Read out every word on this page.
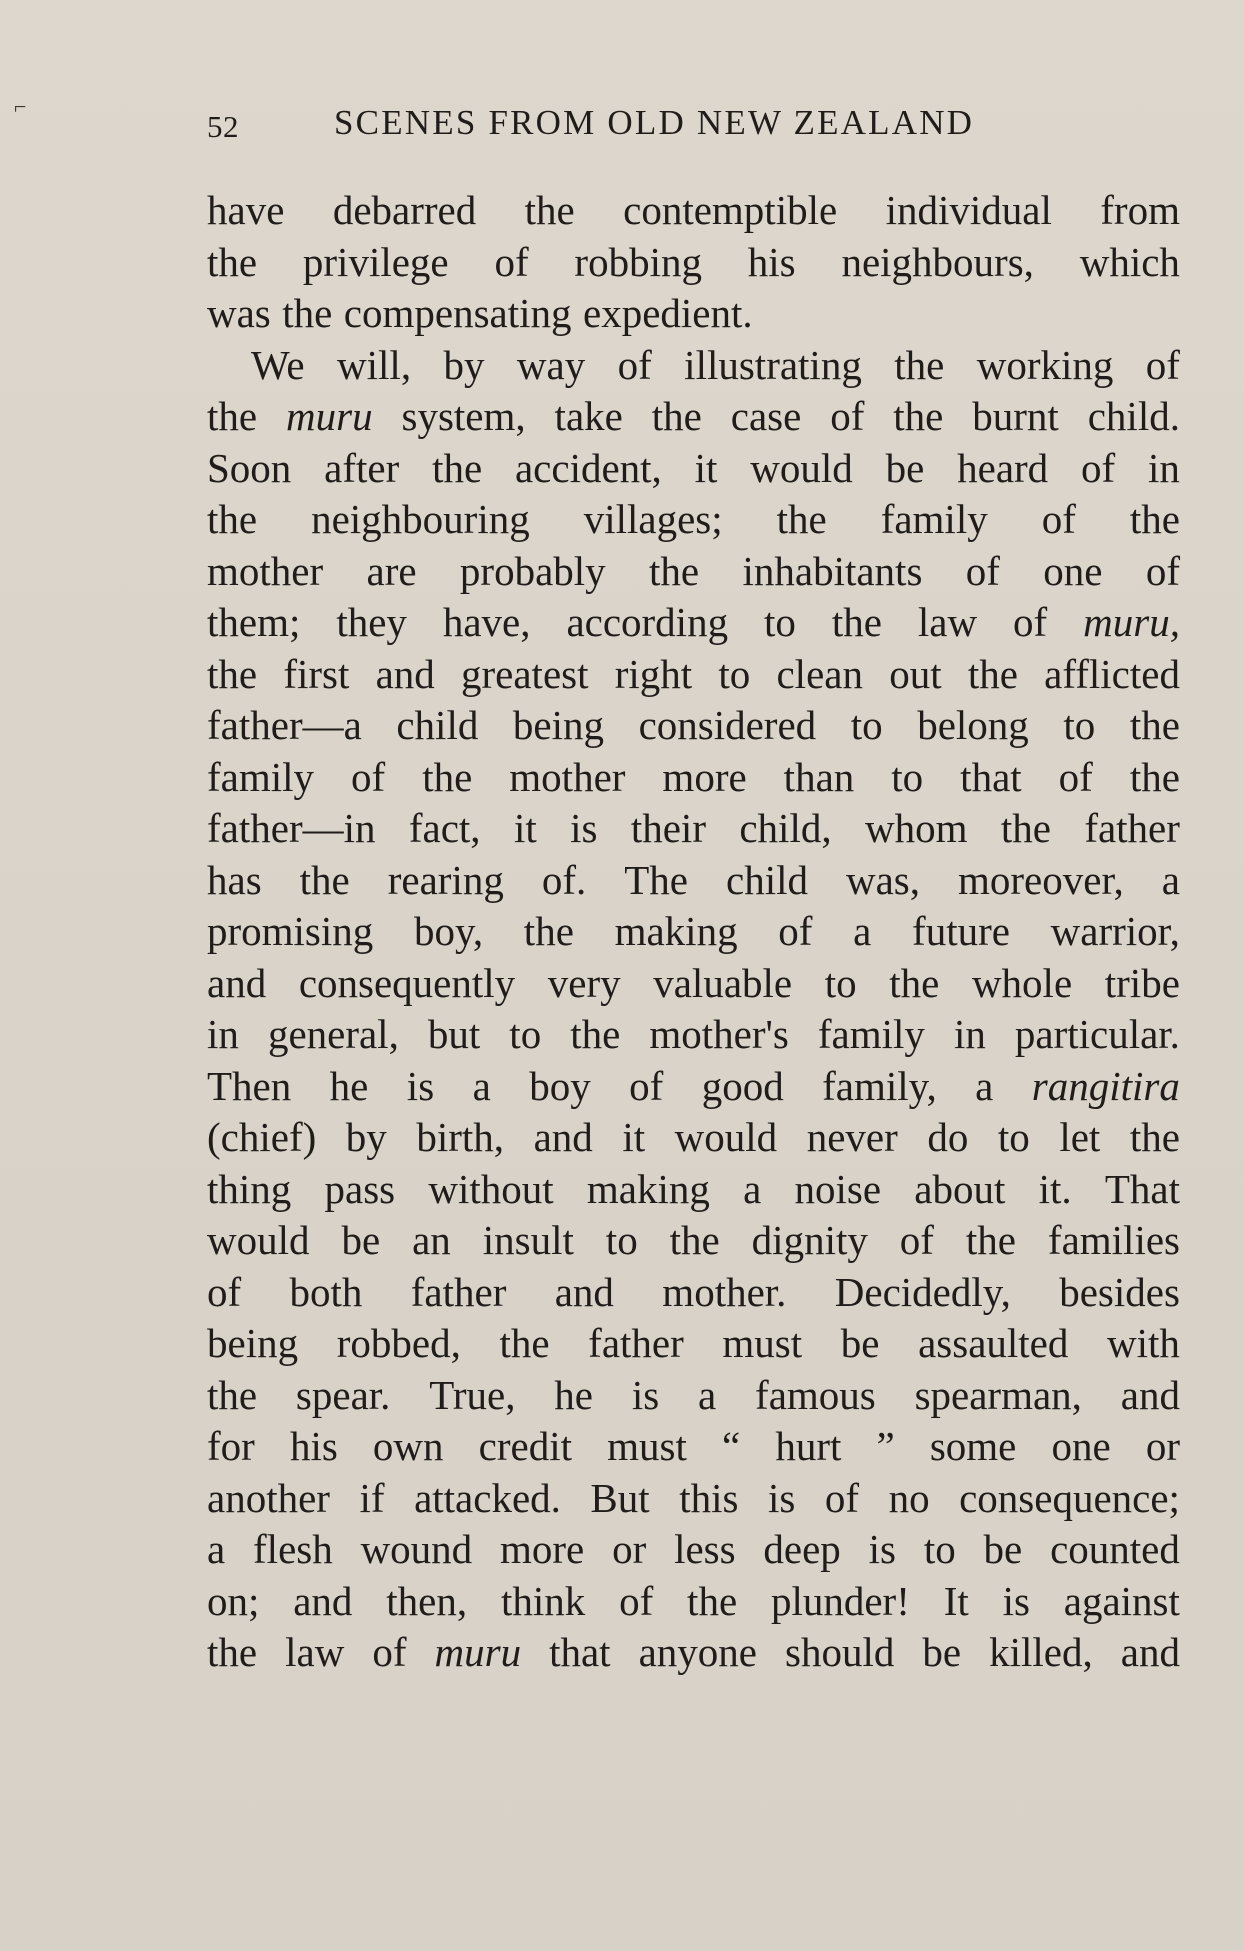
⌐
52	SCENES FROM OLD NEW ZEALAND
have debarred the contemptible individual from
the privilege of robbing his neighbours, which
was the compensating expedient.
We will, by way of illustrating the working of
the muru system, take the case of the burnt child.
Soon after the accident, it would be heard of in
the neighbouring villages; the family of the
mother are probably the inhabitants of one of
them; they have, according to the law of muru,
the first and greatest right to clean out the afflicted
father—a child being considered to belong to the
family of the mother more than to that of the
father—in fact, it is their child, whom the father
has the rearing of. The child was, moreover, a
promising boy, the making of a future warrior,
and consequently very valuable to the whole tribe
in general, but to the mother's family in particular.
Then he is a boy of good family, a rangitira
(chief) by birth, and it would never do to let the
thing pass without making a noise about it. That
would be an insult to the dignity of the families
of both father and mother. Decidedly, besides
being robbed, the father must be assaulted with
the spear. True, he is a famous spearman, and
for his own credit must “ hurt ” some one or
another if attacked. But this is of no consequence;
a flesh wound more or less deep is to be counted
on; and then, think of the plunder! It is against
the law of muru that anyone should be killed, and
